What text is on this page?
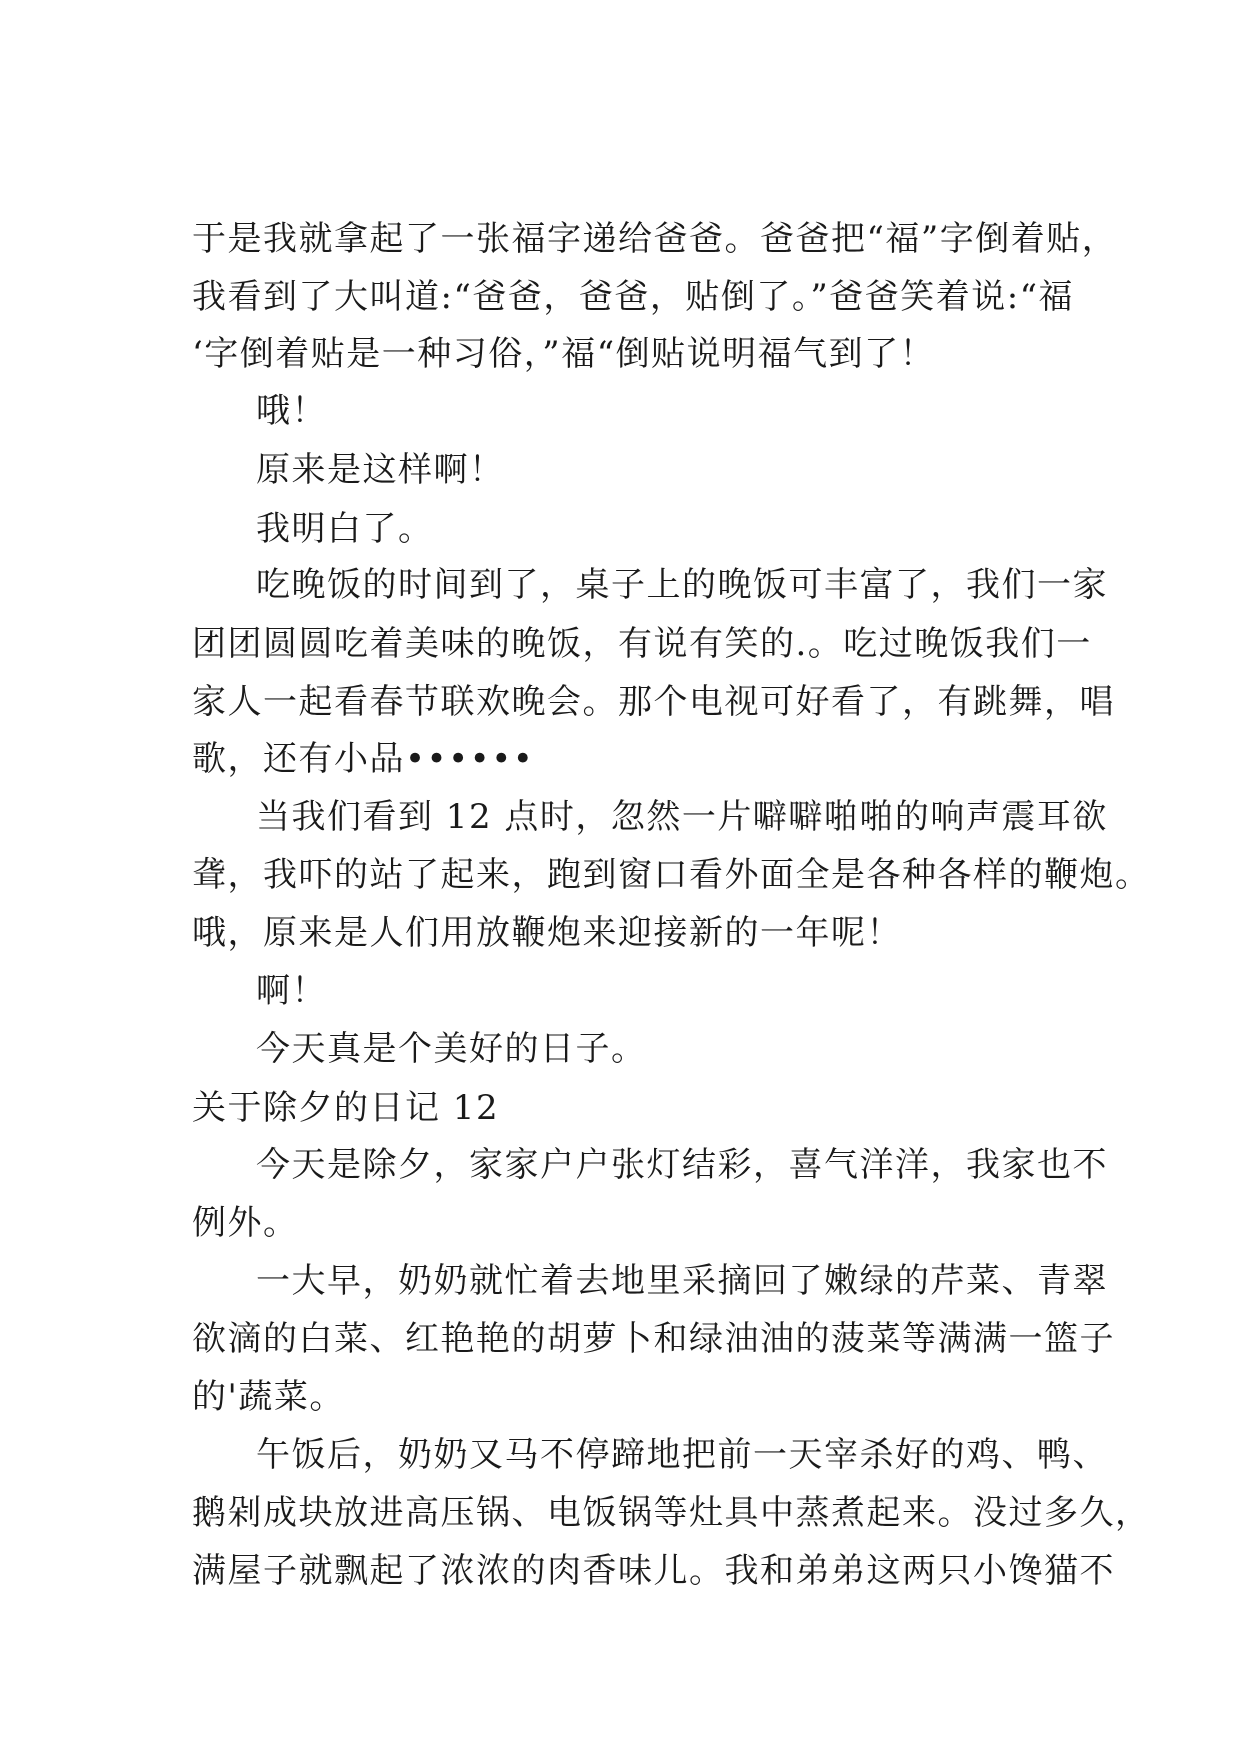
于是我就拿起了一张福字递给爸爸。爸爸把“福”字倒着贴，
我看到了大叫道:“爸爸，爸爸，贴倒了。”爸爸笑着说:“福
‘字倒着贴是一种习俗，”福“倒贴说明福气到了！
哦！
原来是这样啊！
我明白了。
吃晚饭的时间到了，桌子上的晚饭可丰富了，我们一家
团团圆圆吃着美味的晚饭，有说有笑的.。吃过晚饭我们一
家人一起看春节联欢晚会。那个电视可好看了，有跳舞，唱
歌，还有小品••••••
当我们看到 12 点时，忽然一片噼噼啪啪的响声震耳欲
聋，我吓的站了起来，跑到窗口看外面全是各种各样的鞭炮。
哦，原来是人们用放鞭炮来迎接新的一年呢！
啊！
今天真是个美好的日子。
关于除夕的日记 12
今天是除夕，家家户户张灯结彩，喜气洋洋，我家也不
例外。
一大早，奶奶就忙着去地里采摘回了嫩绿的芹菜、青翠
欲滴的白菜、红艳艳的胡萝卜和绿油油的菠菜等满满一篮子
的'蔬菜。
午饭后，奶奶又马不停蹄地把前一天宰杀好的鸡、鸭、
鹅剁成块放进高压锅、电饭锅等灶具中蒸煮起来。没过多久，
满屋子就飘起了浓浓的肉香味儿。我和弟弟这两只小馋猫不
